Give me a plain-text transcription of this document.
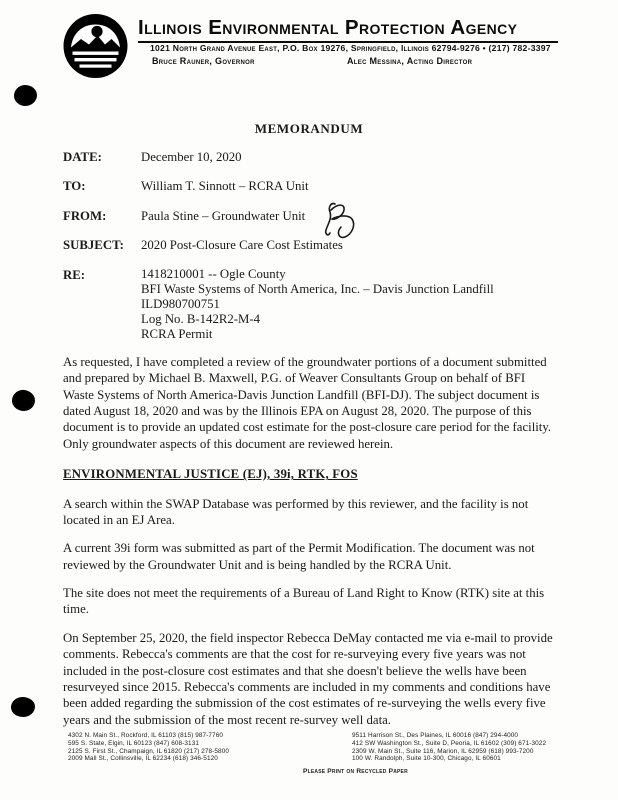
Illinois Environmental Protection Agency
1021 North Grand Avenue East, P.O. Box 19276, Springfield, Illinois 62794-9276 • (217) 782-3397
Bruce Rauner, Governor	Alec Messina, Acting Director
MEMORANDUM
DATE:	December 10, 2020
TO:	William T. Sinnott – RCRA Unit
FROM:	Paula Stine – Groundwater Unit
SUBJECT:	2020 Post-Closure Care Cost Estimates
RE:	1418210001 -- Ogle County
BFI Waste Systems of North America, Inc. – Davis Junction Landfill
ILD980700751
Log No. B-142R2-M-4
RCRA Permit

As requested, I have completed a review of the groundwater portions of a document submitted and prepared by Michael B. Maxwell, P.G. of Weaver Consultants Group on behalf of BFI Waste Systems of North America-Davis Junction Landfill (BFI-DJ). The subject document is dated August 18, 2020 and was by the Illinois EPA on August 28, 2020. The purpose of this document is to provide an updated cost estimate for the post-closure care period for the facility. Only groundwater aspects of this document are reviewed herein.

ENVIRONMENTAL JUSTICE (EJ), 39i, RTK, FOS

A search within the SWAP Database was performed by this reviewer, and the facility is not located in an EJ Area.

A current 39i form was submitted as part of the Permit Modification. The document was not reviewed by the Groundwater Unit and is being handled by the RCRA Unit.

The site does not meet the requirements of a Bureau of Land Right to Know (RTK) site at this time.

On September 25, 2020, the field inspector Rebecca DeMay contacted me via e-mail to provide comments. Rebecca's comments are that the cost for re-surveying every five years was not included in the post-closure cost estimates and that she doesn't believe the wells have been resurveyed since 2015. Rebecca's comments are included in my comments and conditions have been added regarding the submission of the cost estimates of re-surveying the wells every five years and the submission of the most recent re-survey well data.

4302 N. Main St., Rockford, IL 61103 (815) 987-7760
595 S. State, Elgin, IL 60123 (847) 608-3131
2125 S. First St., Champaign, IL 61820 (217) 278-5800
2009 Mall St., Collinsville, IL 62234 (618) 346-5120
9511 Harrison St., Des Plaines, IL 60016 (847) 294-4000
412 SW Washington St., Suite D, Peoria, IL 61602 (309) 671-3022
2309 W. Main St., Suite 116, Marion, IL 62959 (618) 993-7200
100 W. Randolph, Suite 10-300, Chicago, IL 60601
Please Print on Recycled Paper
